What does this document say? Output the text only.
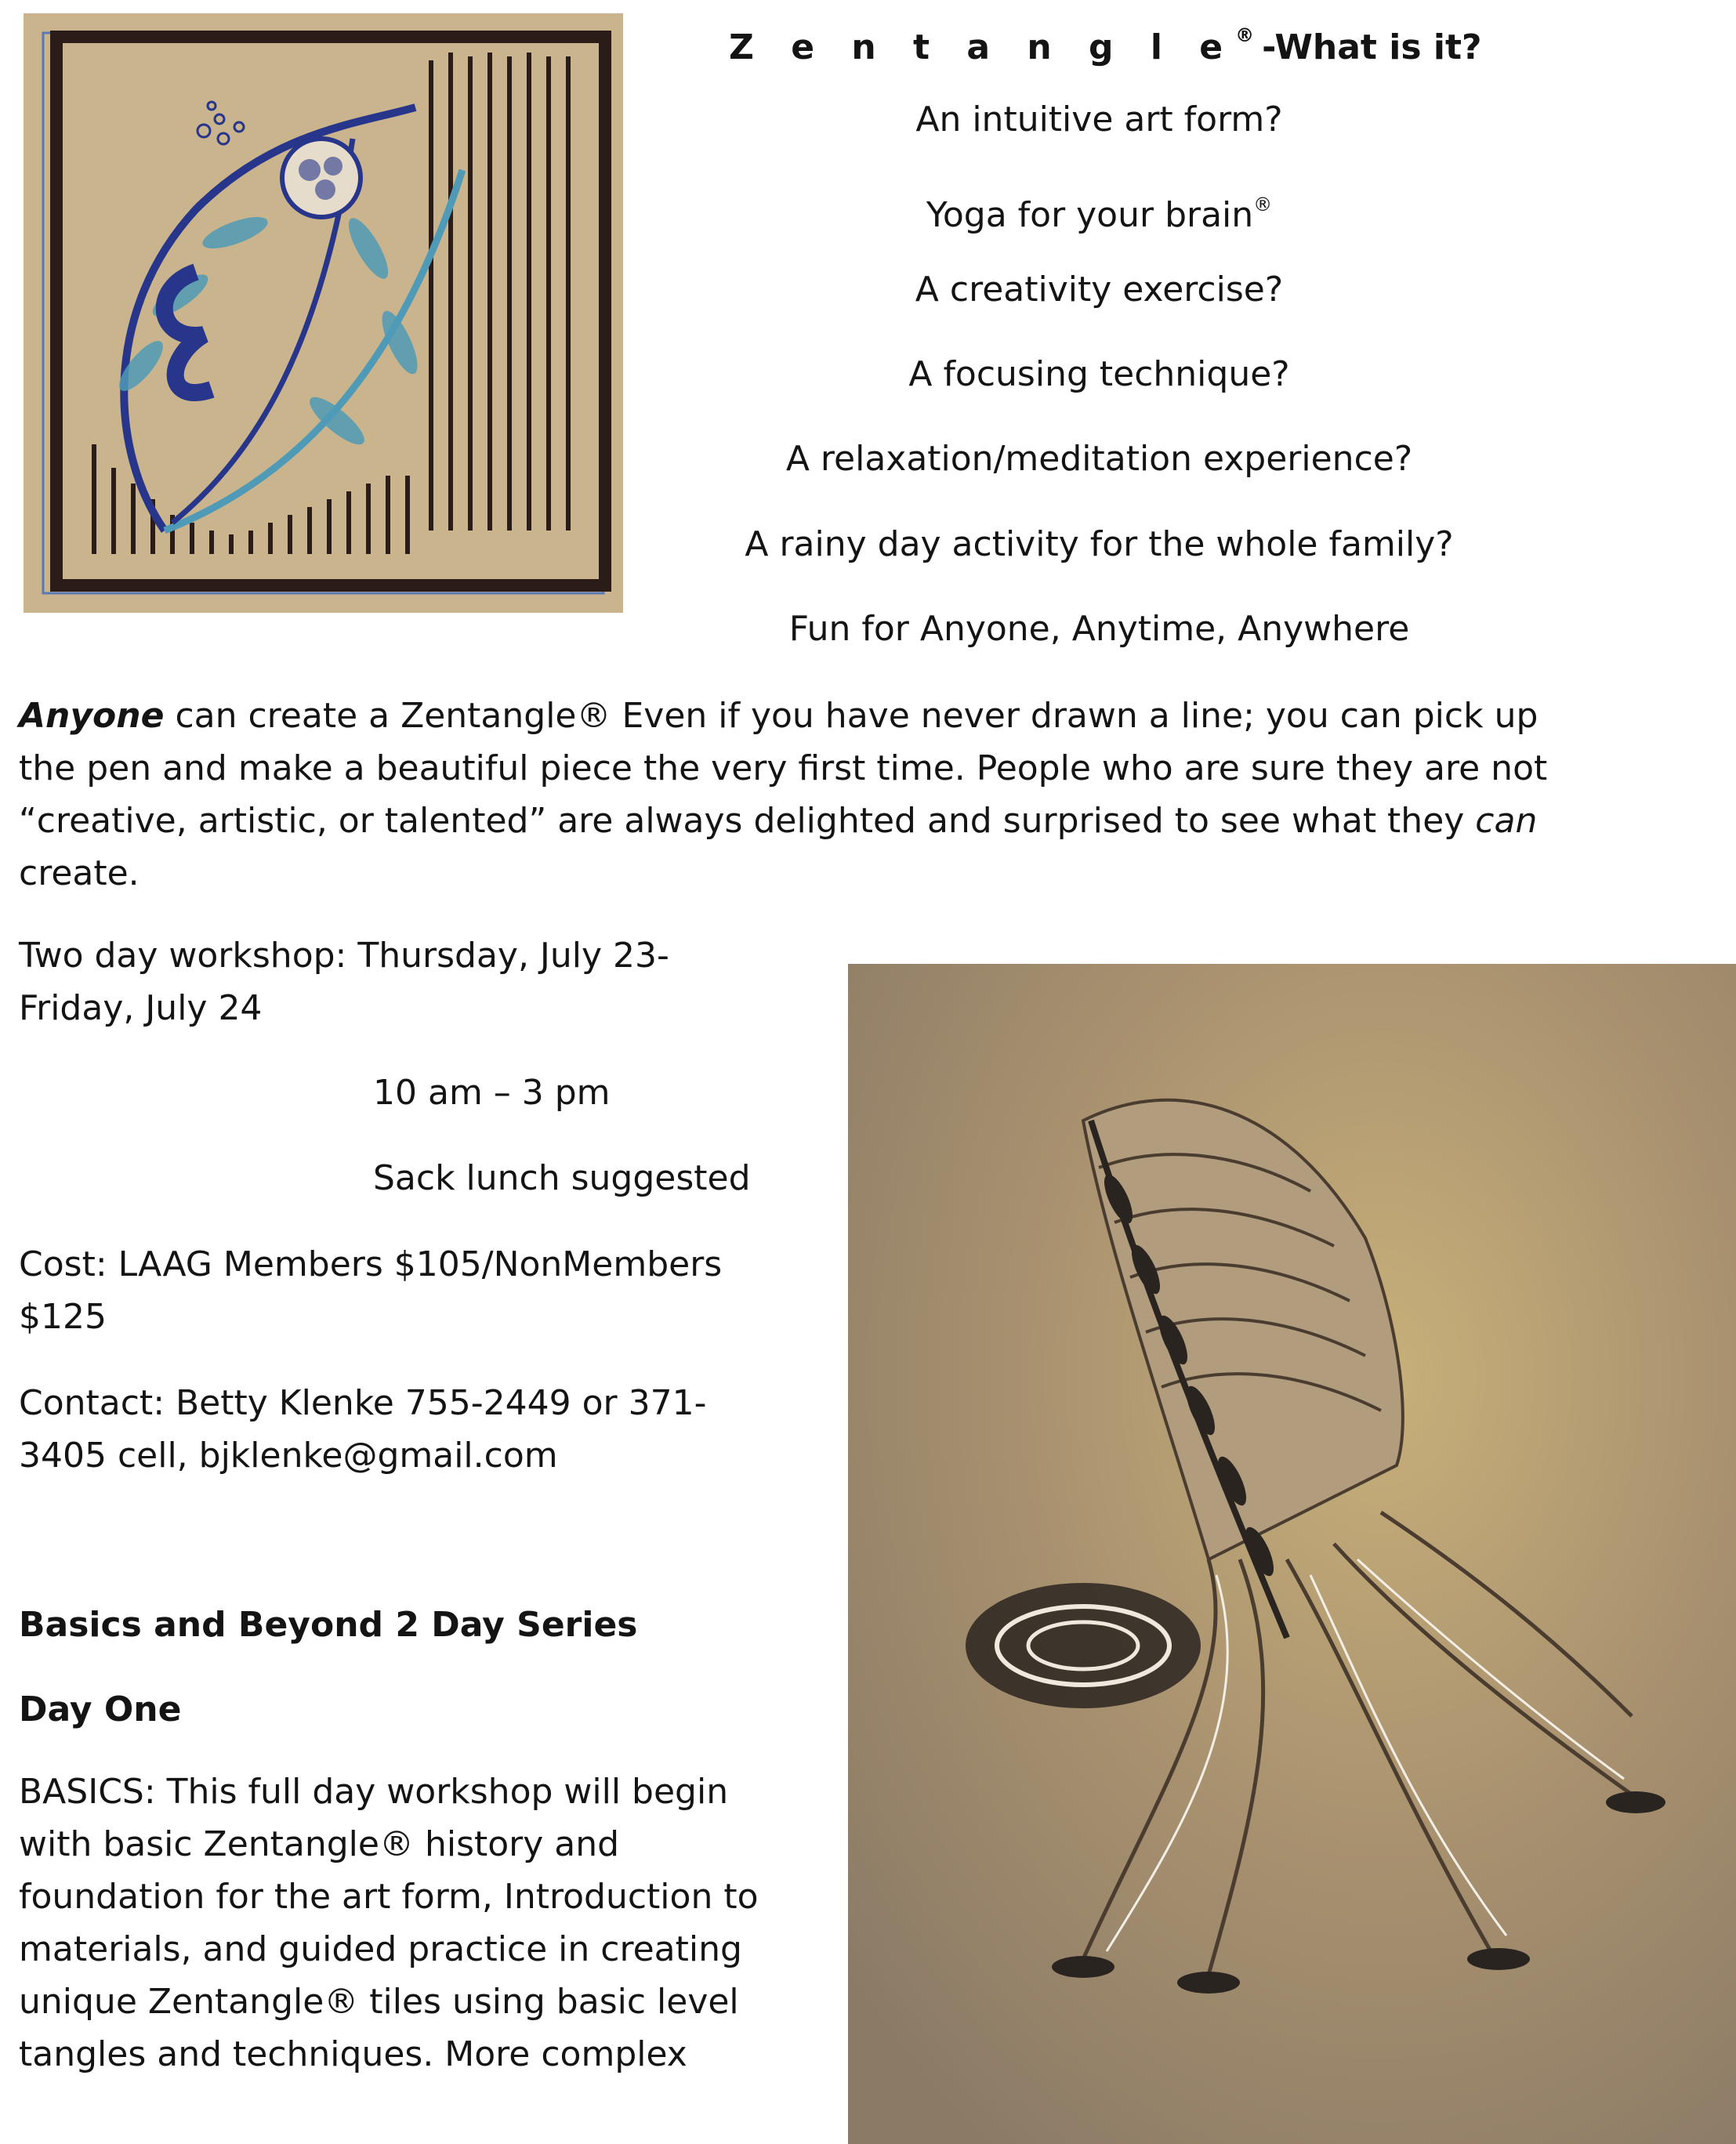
Z e n t a n g l e® -What is it?
An intuitive art form?
Yoga for your brain®
A creativity exercise?
A focusing technique?
A relaxation/meditation experience?
A rainy day activity for the whole family?
Fun for Anyone, Anytime, Anywhere
Anyone can create a Zentangle® Even if you have never drawn a line; you can pick up the pen and make a beautiful piece the very first time. People who are sure they are not “creative, artistic, or talented” are always delighted and surprised to see what they can create.
Two day workshop: Thursday, July 23-Friday, July 24
10 am – 3 pm
Sack lunch suggested
Cost: LAAG Members $105/NonMembers $125
Contact: Betty Klenke 755-2449 or 371-3405 cell, bjklenke@gmail.com
Basics and Beyond 2 Day Series
Day One
BASICS: This full day workshop will begin with basic Zentangle® history and foundation for the art form, Introduction to materials, and guided practice in creating unique Zentangle® tiles using basic level tangles and techniques. More complex
